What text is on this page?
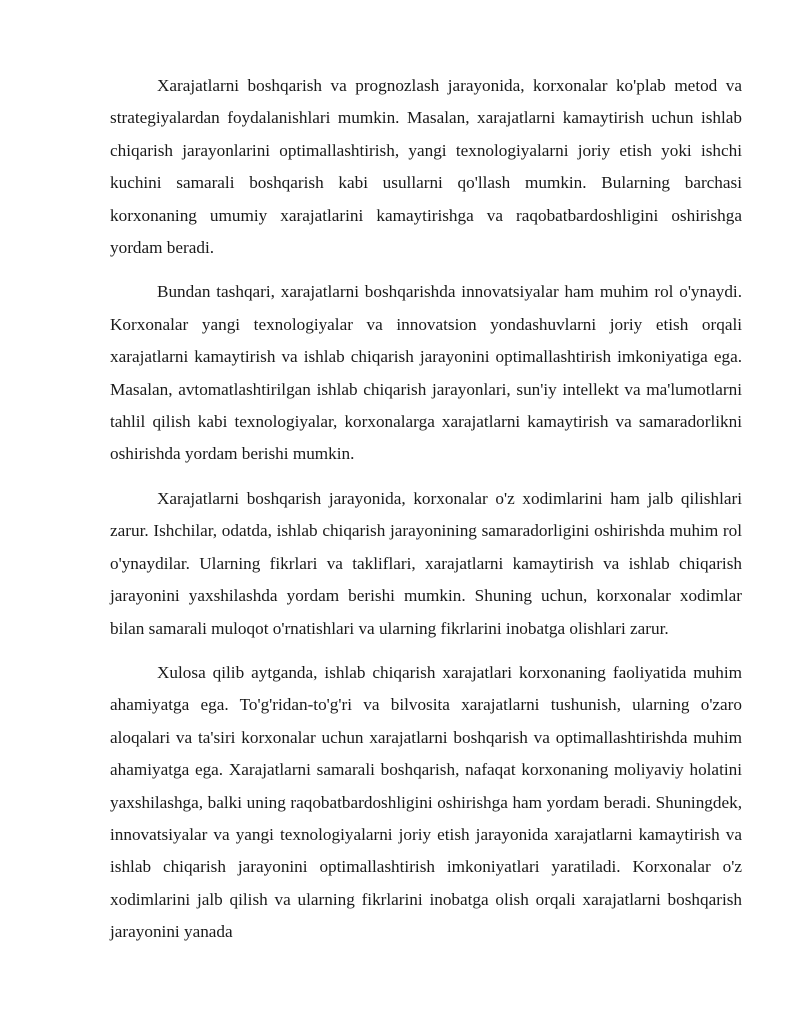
Xarajatlarni boshqarish va prognozlash jarayonida, korxonalar ko'plab metod va strategiyalardan foydalanishlari mumkin. Masalan, xarajatlarni kamaytirish uchun ishlab chiqarish jarayonlarini optimallashtirish, yangi texnologiyalarni joriy etish yoki ishchi kuchini samarali boshqarish kabi usullarni qo'llash mumkin. Bularning barchasi korxonaning umumiy xarajatlarini kamaytirishga va raqobatbardoshligini oshirishga yordam beradi.

Bundan tashqari, xarajatlarni boshqarishda innovatsiyalar ham muhim rol o'ynaydi. Korxonalar yangi texnologiyalar va innovatsion yondashuvlarni joriy etish orqali xarajatlarni kamaytirish va ishlab chiqarish jarayonini optimallashtirish imkoniyatiga ega. Masalan, avtomatlashtirilgan ishlab chiqarish jarayonlari, sun'iy intellekt va ma'lumotlarni tahlil qilish kabi texnologiyalar, korxonalarga xarajatlarni kamaytirish va samaradorlikni oshirishda yordam berishi mumkin.

Xarajatlarni boshqarish jarayonida, korxonalar o'z xodimlarini ham jalb qilishlari zarur. Ishchilar, odatda, ishlab chiqarish jarayonining samaradorligini oshirishda muhim rol o'ynaydilar. Ularning fikrlari va takliflari, xarajatlarni kamaytirish va ishlab chiqarish jarayonini yaxshilashda yordam berishi mumkin. Shuning uchun, korxonalar xodimlar bilan samarali muloqot o'rnatishlari va ularning fikrlarini inobatga olishlari zarur.

Xulosa qilib aytganda, ishlab chiqarish xarajatlari korxonaning faoliyatida muhim ahamiyatga ega. To'g'ridan-to'g'ri va bilvosita xarajatlarni tushunish, ularning o'zaro aloqalari va ta'siri korxonalar uchun xarajatlarni boshqarish va optimallashtirishda muhim ahamiyatga ega. Xarajatlarni samarali boshqarish, nafaqat korxonaning moliyaviy holatini yaxshilashga, balki uning raqobatbardoshligini oshirishga ham yordam beradi. Shuningdek, innovatsiyalar va yangi texnologiyalarni joriy etish jarayonida xarajatlarni kamaytirish va ishlab chiqarish jarayonini optimallashtirish imkoniyatlari yaratiladi. Korxonalar o'z xodimlarini jalb qilish va ularning fikrlarini inobatga olish orqali xarajatlarni boshqarish jarayonini yanada
